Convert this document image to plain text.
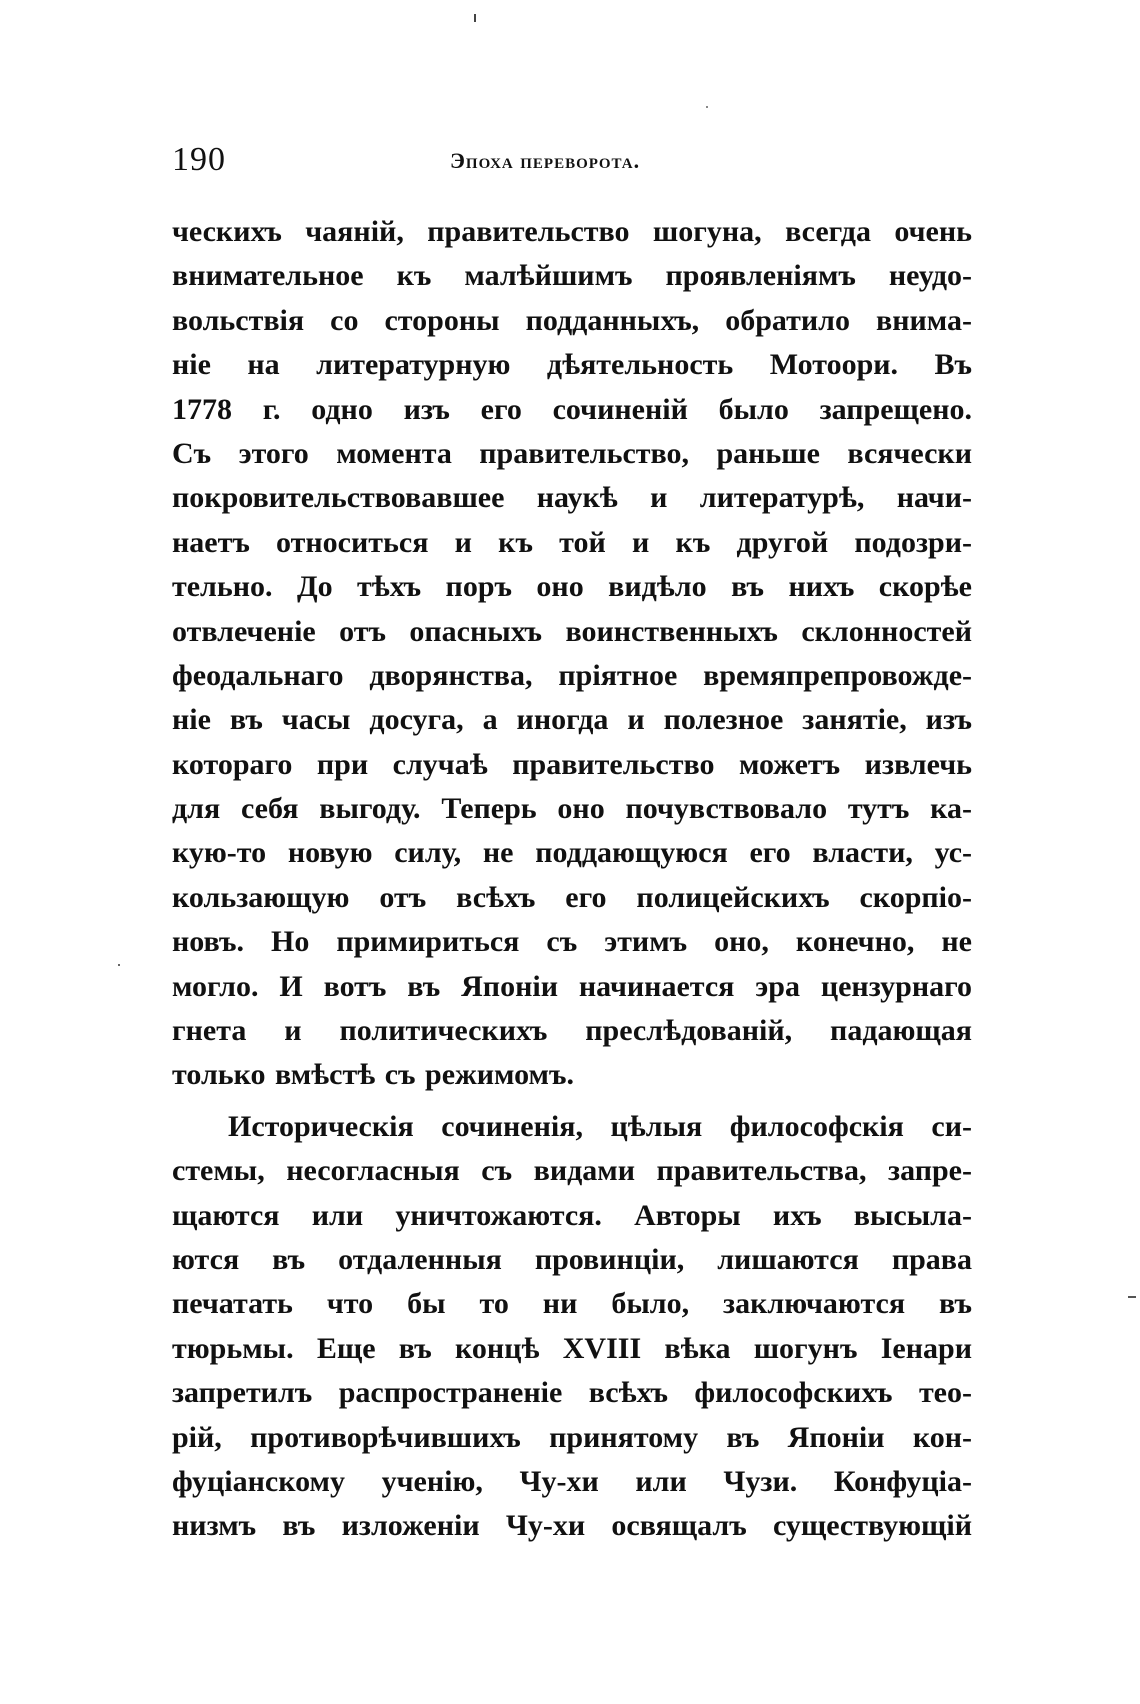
190	Эпоха переворота.
ческихъ чаяній, правительство шогуна, всегда очень
внимательное къ малѣйшимъ проявленіямъ неудо-
вольствія со стороны подданныхъ, обратило внима-
ніе на литературную дѣятельность Мотоори. Въ
1778 г. одно изъ его сочиненій было запрещено.
Съ этого момента правительство, раньше всячески
покровительствовавшее наукѣ и литературѣ, начи-
наетъ относиться и къ той и къ другой подозри-
тельно. До тѣхъ поръ оно видѣло въ нихъ скорѣе
отвлеченіе отъ опасныхъ воинственныхъ склонностей
феодальнаго дворянства, пріятное времяпрепровожде-
ніе въ часы досуга, а иногда и полезное занятіе, изъ
котораго при случаѣ правительство можетъ извлечь
для себя выгоду. Теперь оно почувствовало тутъ ка-
кую-то новую силу, не поддающуюся его власти, ус-
кользающую отъ всѣхъ его полицейскихъ скорпіо-
новъ. Но примириться съ этимъ оно, конечно, не
могло. И вотъ въ Японіи начинается эра цензурнаго
гнета и политическихъ преслѣдованій, падающая
только вмѣстѣ съ режимомъ.
Историческія сочиненія, цѣлыя философскія си-
стемы, несогласныя съ видами правительства, запре-
щаются или уничтожаются. Авторы ихъ высыла-
ются въ отдаленныя провинціи, лишаются права
печатать что бы то ни было, заключаются въ
тюрьмы. Еще въ концѣ XVIII вѣка шогунъ Іенари
запретилъ распространеніе всѣхъ философскихъ тео-
рій, противорѣчившихъ принятому въ Японіи кон-
фуціанскому ученію, Чу-хи или Чузи. Конфуціа-
низмъ въ изложеніи Чу-хи освящалъ существующій
